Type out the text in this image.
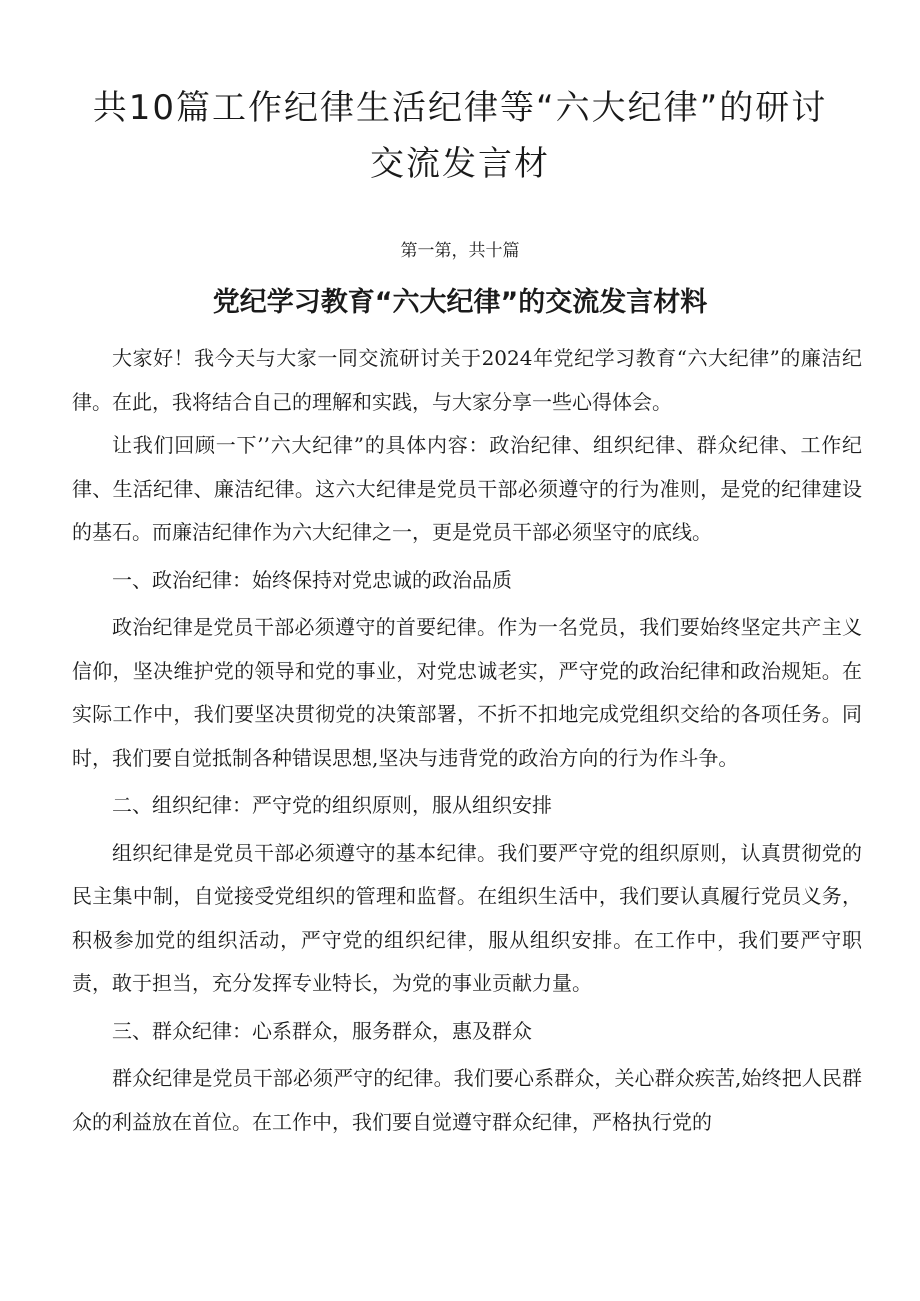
共10篇工作纪律生活纪律等“六大纪律”的研讨交流发言材
第一第，共十篇
党纪学习教育“六大纪律”的交流发言材料

大家好！我今天与大家一同交流研讨关于2024年党纪学习教育“六大纪律”的廉洁纪律。在此，我将结合自己的理解和实践，与大家分享一些心得体会。

让我们回顾一下’’六大纪律”的具体内容：政治纪律、组织纪律、群众纪律、工作纪律、生活纪律、廉洁纪律。这六大纪律是党员干部必须遵守的行为准则，是党的纪律建设的基石。而廉洁纪律作为六大纪律之一，更是党员干部必须坚守的底线。

一、政治纪律：始终保持对党忠诚的政治品质

政治纪律是党员干部必须遵守的首要纪律。作为一名党员，我们要始终坚定共产主义信仰，坚决维护党的领导和党的事业，对党忠诚老实，严守党的政治纪律和政治规矩。在实际工作中，我们要坚决贯彻党的决策部署，不折不扣地完成党组织交给的各项任务。同时，我们要自觉抵制各种错误思想,坚决与违背党的政治方向的行为作斗争。

二、组织纪律：严守党的组织原则，服从组织安排

组织纪律是党员干部必须遵守的基本纪律。我们要严守党的组织原则，认真贯彻党的民主集中制，自觉接受党组织的管理和监督。在组织生活中，我们要认真履行党员义务，积极参加党的组织活动，严守党的组织纪律，服从组织安排。在工作中，我们要严守职责，敢于担当，充分发挥专业特长，为党的事业贡献力量。

三、群众纪律：心系群众，服务群众，惠及群众

群众纪律是党员干部必须严守的纪律。我们要心系群众，关心群众疾苦,始终把人民群众的利益放在首位。在工作中，我们要自觉遵守群众纪律，严格执行党的
